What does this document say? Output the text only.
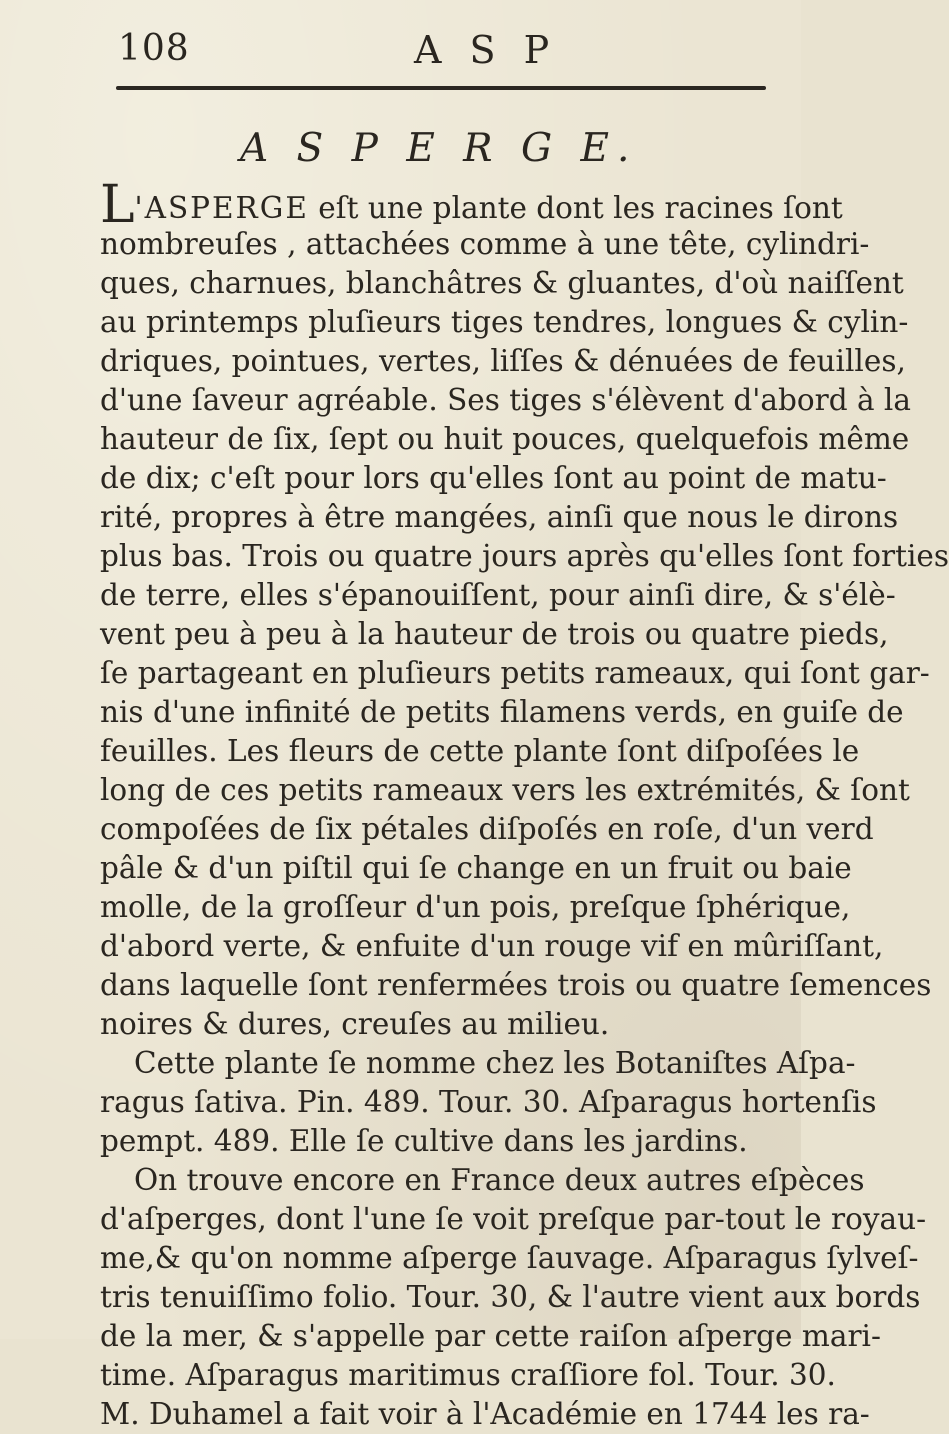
108	A S P
A S P E R G E.
L'ASPERGE eſt une plante dont les racines ſont
nombreuſes , attachées comme à une tête, cylindri-
ques, charnues, blanchâtres & gluantes, d'où naiſſent
au printemps pluſieurs tiges tendres, longues & cylin-
driques, pointues, vertes, liſſes & dénuées de feuilles,
d'une ſaveur agréable. Ses tiges s'élèvent d'abord à la
hauteur de ſix, ſept ou huit pouces, quelquefois même
de dix; c'eſt pour lors qu'elles ſont au point de matu-
rité, propres à être mangées, ainſi que nous le dirons
plus bas. Trois ou quatre jours après qu'elles ſont forties
de terre, elles s'épanouiſſent, pour ainſi dire, & s'élè-
vent peu à peu à la hauteur de trois ou quatre pieds,
ſe partageant en pluſieurs petits rameaux, qui ſont gar-
nis d'une infinité de petits filamens verds, en guiſe de
feuilles. Les fleurs de cette plante ſont diſpoſées le
long de ces petits rameaux vers les extrémités, & ſont
compoſées de ſix pétales diſpoſés en roſe, d'un verd
pâle & d'un piſtil qui ſe change en un fruit ou baie
molle, de la groſſeur d'un pois, preſque ſphérique,
d'abord verte, & enfuite d'un rouge vif en mûriſſant,
dans laquelle ſont renfermées trois ou quatre ſemences
noires & dures, creuſes au milieu.
Cette plante ſe nomme chez les Botaniſtes Aſpa-
ragus ſativa. Pin. 489. Tour. 30. Aſparagus hortenſis
pempt. 489. Elle ſe cultive dans les jardins.
On trouve encore en France deux autres eſpèces
d'aſperges, dont l'une ſe voit preſque par-tout le royau-
me,& qu'on nomme aſperge ſauvage. Aſparagus ſylveſ-
tris tenuiſſimo folio. Tour. 30, & l'autre vient aux bords
de la mer, & s'appelle par cette raiſon aſperge mari-
time. Aſparagus maritimus craſſiore fol. Tour. 30.
M. Duhamel a fait voir à l'Académie en 1744 les ra-
